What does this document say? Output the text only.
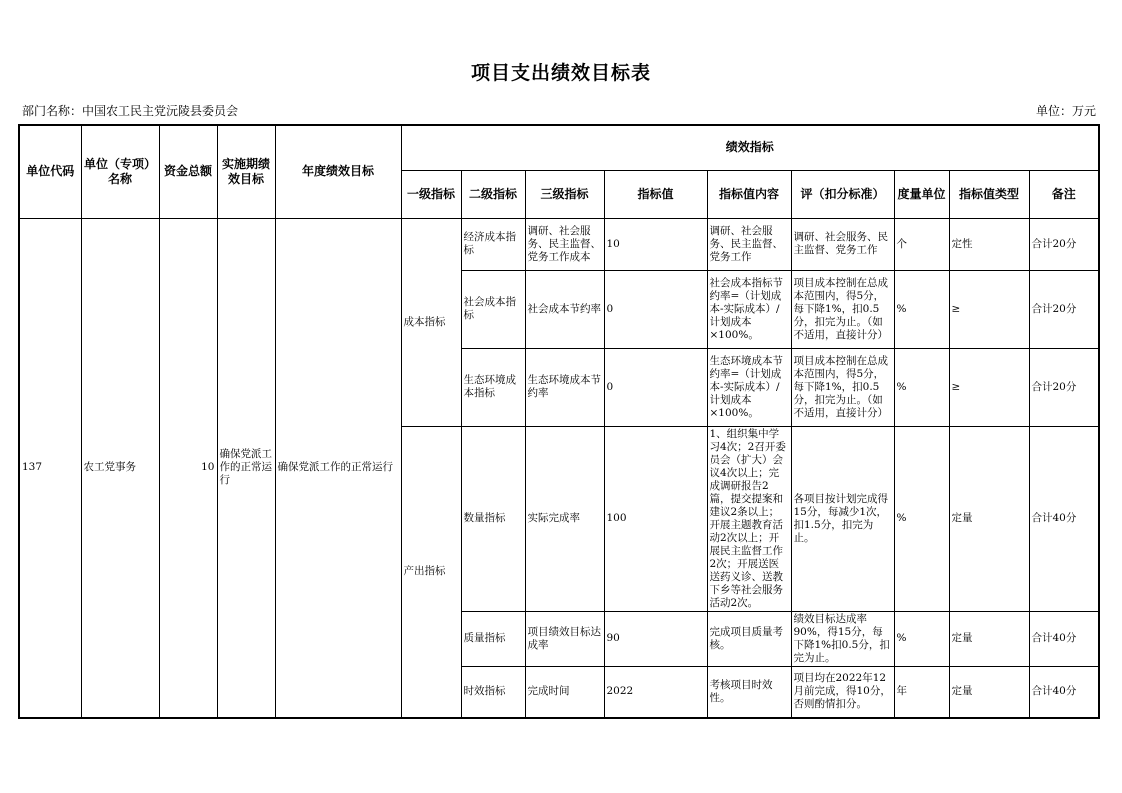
项目支出绩效目标表
部门名称：中国农工民主党沅陵县委员会	单位：万元
单位代码	单位（专项）名称	资金总额	实施期绩效目标	年度绩效目标	绩效指标								
					一级指标	二级指标	三级指标	指标值	指标值内容	评（扣分标准）	度量单位	指标值类型	备注
137	农工党事务	10	确保党派工作的正常运行	确保党派工作的正常运行	成本指标	经济成本指标	调研、社会服务、民主监督、党务工作成本	10	调研、社会服务、民主监督、党务工作	调研、社会服务、民主监督、党务工作	个	定性	合计20分
						社会成本指标	社会成本节约率	0	社会成本指标节约率=（计划成本-实际成本）/计划成本×100%。	项目成本控制在总成本范围内，得5分，每下降1%，扣0.5分，扣完为止。（如不适用，直接计分）	%	≥	合计20分
						生态环境成本指标	生态环境成本节约率	0	生态环境成本节约率=（计划成本-实际成本）/计划成本×100%。	项目成本控制在总成本范围内，得5分，每下降1%，扣0.5分，扣完为止。（如不适用，直接计分）	%	≥	合计20分
					产出指标	数量指标	实际完成率	100	1、组织集中学习4次；2召开委员会（扩大）会议4次以上；完成调研报告2篇，提交提案和建议2条以上；开展主题教育活动2次以上；开展民主监督工作2次；开展送医送药义诊、送教下乡等社会服务活动2次。	各项目按计划完成得15分，每减少1次，扣1.5分，扣完为止。	%	定量	合计40分
						质量指标	项目绩效目标达成率	90	完成项目质量考核。	绩效目标达成率90%，得15分，每下降1%扣0.5分，扣完为止。	%	定量	合计40分
						时效指标	完成时间	2022	考核项目时效性。	项目均在2022年12月前完成，得10分，否则酌情扣分。	年	定量	合计40分
